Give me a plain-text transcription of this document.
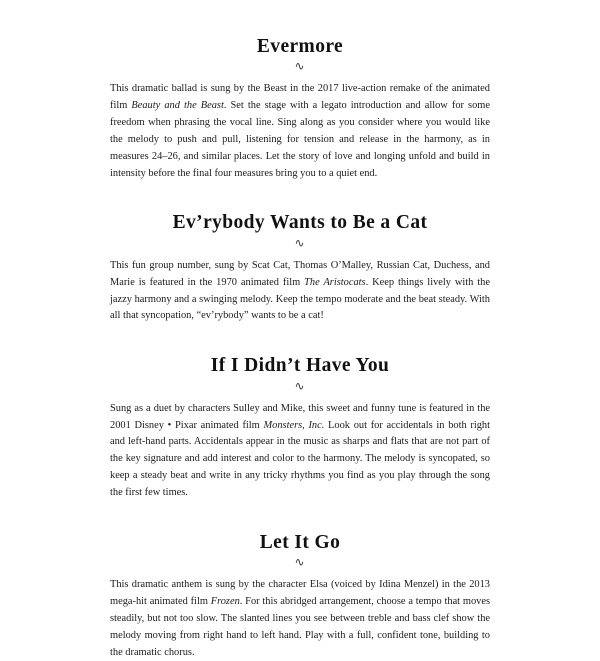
Evermore
∿

This dramatic ballad is sung by the Beast in the 2017 live-action remake of the animated film Beauty and the Beast. Set the stage with a legato introduction and allow for some freedom when phrasing the vocal line. Sing along as you consider where you would like the melody to push and pull, listening for tension and release in the harmony, as in measures 24–26, and similar places. Let the story of love and longing unfold and build in intensity before the final four measures bring you to a quiet end.

Ev’rybody Wants to Be a Cat
∿

This fun group number, sung by Scat Cat, Thomas O’Malley, Russian Cat, Duchess, and Marie is featured in the 1970 animated film The Aristocats. Keep things lively with the jazzy harmony and a swinging melody. Keep the tempo moderate and the beat steady. With all that syncopation, “ev’rybody” wants to be a cat!

If I Didn’t Have You
∿

Sung as a duet by characters Sulley and Mike, this sweet and funny tune is featured in the 2001 Disney • Pixar animated film Monsters, Inc. Look out for accidentals in both right and left-hand parts. Accidentals appear in the music as sharps and flats that are not part of the key signature and add interest and color to the harmony. The melody is syncopated, so keep a steady beat and write in any tricky rhythms you find as you play through the song the first few times.

Let It Go
∿

This dramatic anthem is sung by the character Elsa (voiced by Idina Menzel) in the 2013 mega-hit animated film Frozen. For this abridged arrangement, choose a tempo that moves steadily, but not too slow. The slanted lines you see between treble and bass clef show the melody moving from right hand to left hand. Play with a full, confident tone, building to the dramatic chorus.
